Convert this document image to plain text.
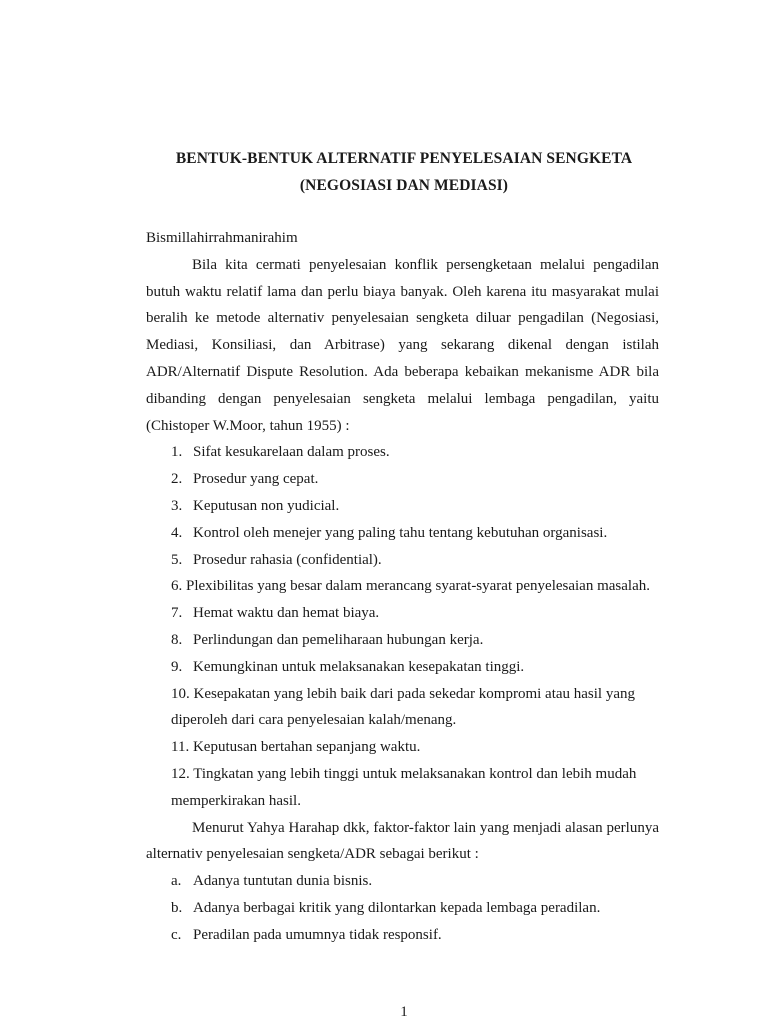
BENTUK-BENTUK ALTERNATIF PENYELESAIAN SENGKETA
(NEGOSIASI DAN MEDIASI)

Bismillahirrahmanirahim

Bila kita cermati penyelesaian konflik persengketaan melalui pengadilan butuh waktu relatif lama dan perlu biaya banyak. Oleh karena itu masyarakat mulai beralih ke metode alternativ penyelesaian sengketa diluar pengadilan (Negosiasi, Mediasi, Konsiliasi, dan Arbitrase) yang sekarang dikenal dengan istilah ADR/Alternatif Dispute Resolution. Ada beberapa kebaikan mekanisme ADR bila dibanding dengan penyelesaian sengketa melalui lembaga pengadilan, yaitu (Chistoper W.Moor, tahun 1955) :

1. Sifat kesukarelaan dalam proses.
2. Prosedur yang cepat.
3. Keputusan non yudicial.
4. Kontrol oleh menejer yang paling tahu tentang kebutuhan organisasi.
5. Prosedur rahasia (confidential).
6. Plexibilitas yang besar dalam merancang syarat-syarat penyelesaian masalah.
7. Hemat waktu dan hemat biaya.
8. Perlindungan dan pemeliharaan hubungan kerja.
9. Kemungkinan untuk melaksanakan kesepakatan tinggi.
10. Kesepakatan yang lebih baik dari pada sekedar kompromi atau hasil yang diperoleh dari cara penyelesaian kalah/menang.
11. Keputusan bertahan sepanjang waktu.
12. Tingkatan yang lebih tinggi untuk melaksanakan kontrol dan lebih mudah memperkirakan hasil.

Menurut Yahya Harahap dkk, faktor-faktor lain yang menjadi alasan perlunya alternativ penyelesaian sengketa/ADR sebagai berikut :

a. Adanya tuntutan dunia bisnis.
b. Adanya berbagai kritik yang dilontarkan kepada lembaga peradilan.
c. Peradilan pada umumnya tidak responsif.
1
